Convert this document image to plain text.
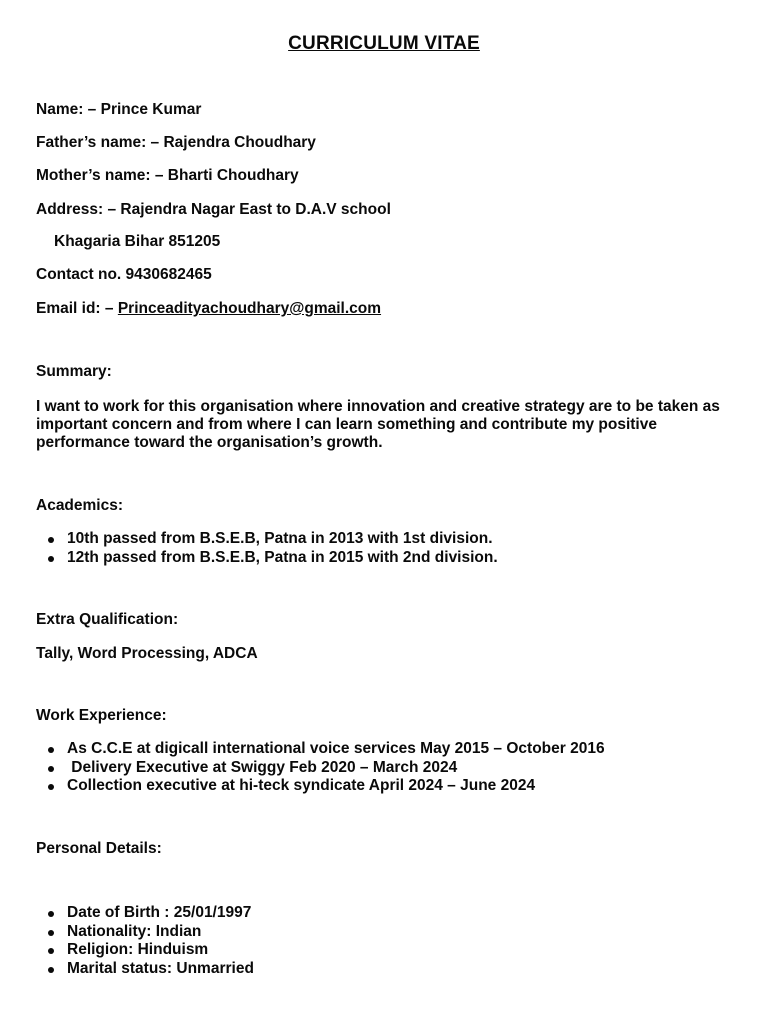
CURRICULUM VITAE
Name: – Prince Kumar
Father’s name: – Rajendra Choudhary
Mother’s name: – Bharti Choudhary
Address: – Rajendra Nagar East to D.A.V school
Khagaria Bihar 851205
Contact no. 9430682465
Email id: – Princeadityachoudhary@gmail.com
Summary:
I want to work for this organisation where innovation and creative strategy are to be taken as important concern and from where I can learn something and contribute my positive performance toward the organisation’s growth.
Academics:
10th passed from B.S.E.B, Patna in 2013 with 1st division.
12th passed from B.S.E.B, Patna in 2015 with 2nd division.
Extra Qualification:
Tally, Word Processing, ADCA
Work Experience:
As C.C.E at digicall international voice services May 2015 – October 2016
Delivery Executive at Swiggy Feb 2020 – March 2024
Collection executive at hi-teck syndicate April 2024 – June 2024
Personal Details:
Date of Birth : 25/01/1997
Nationality: Indian
Religion: Hinduism
Marital status: Unmarried
